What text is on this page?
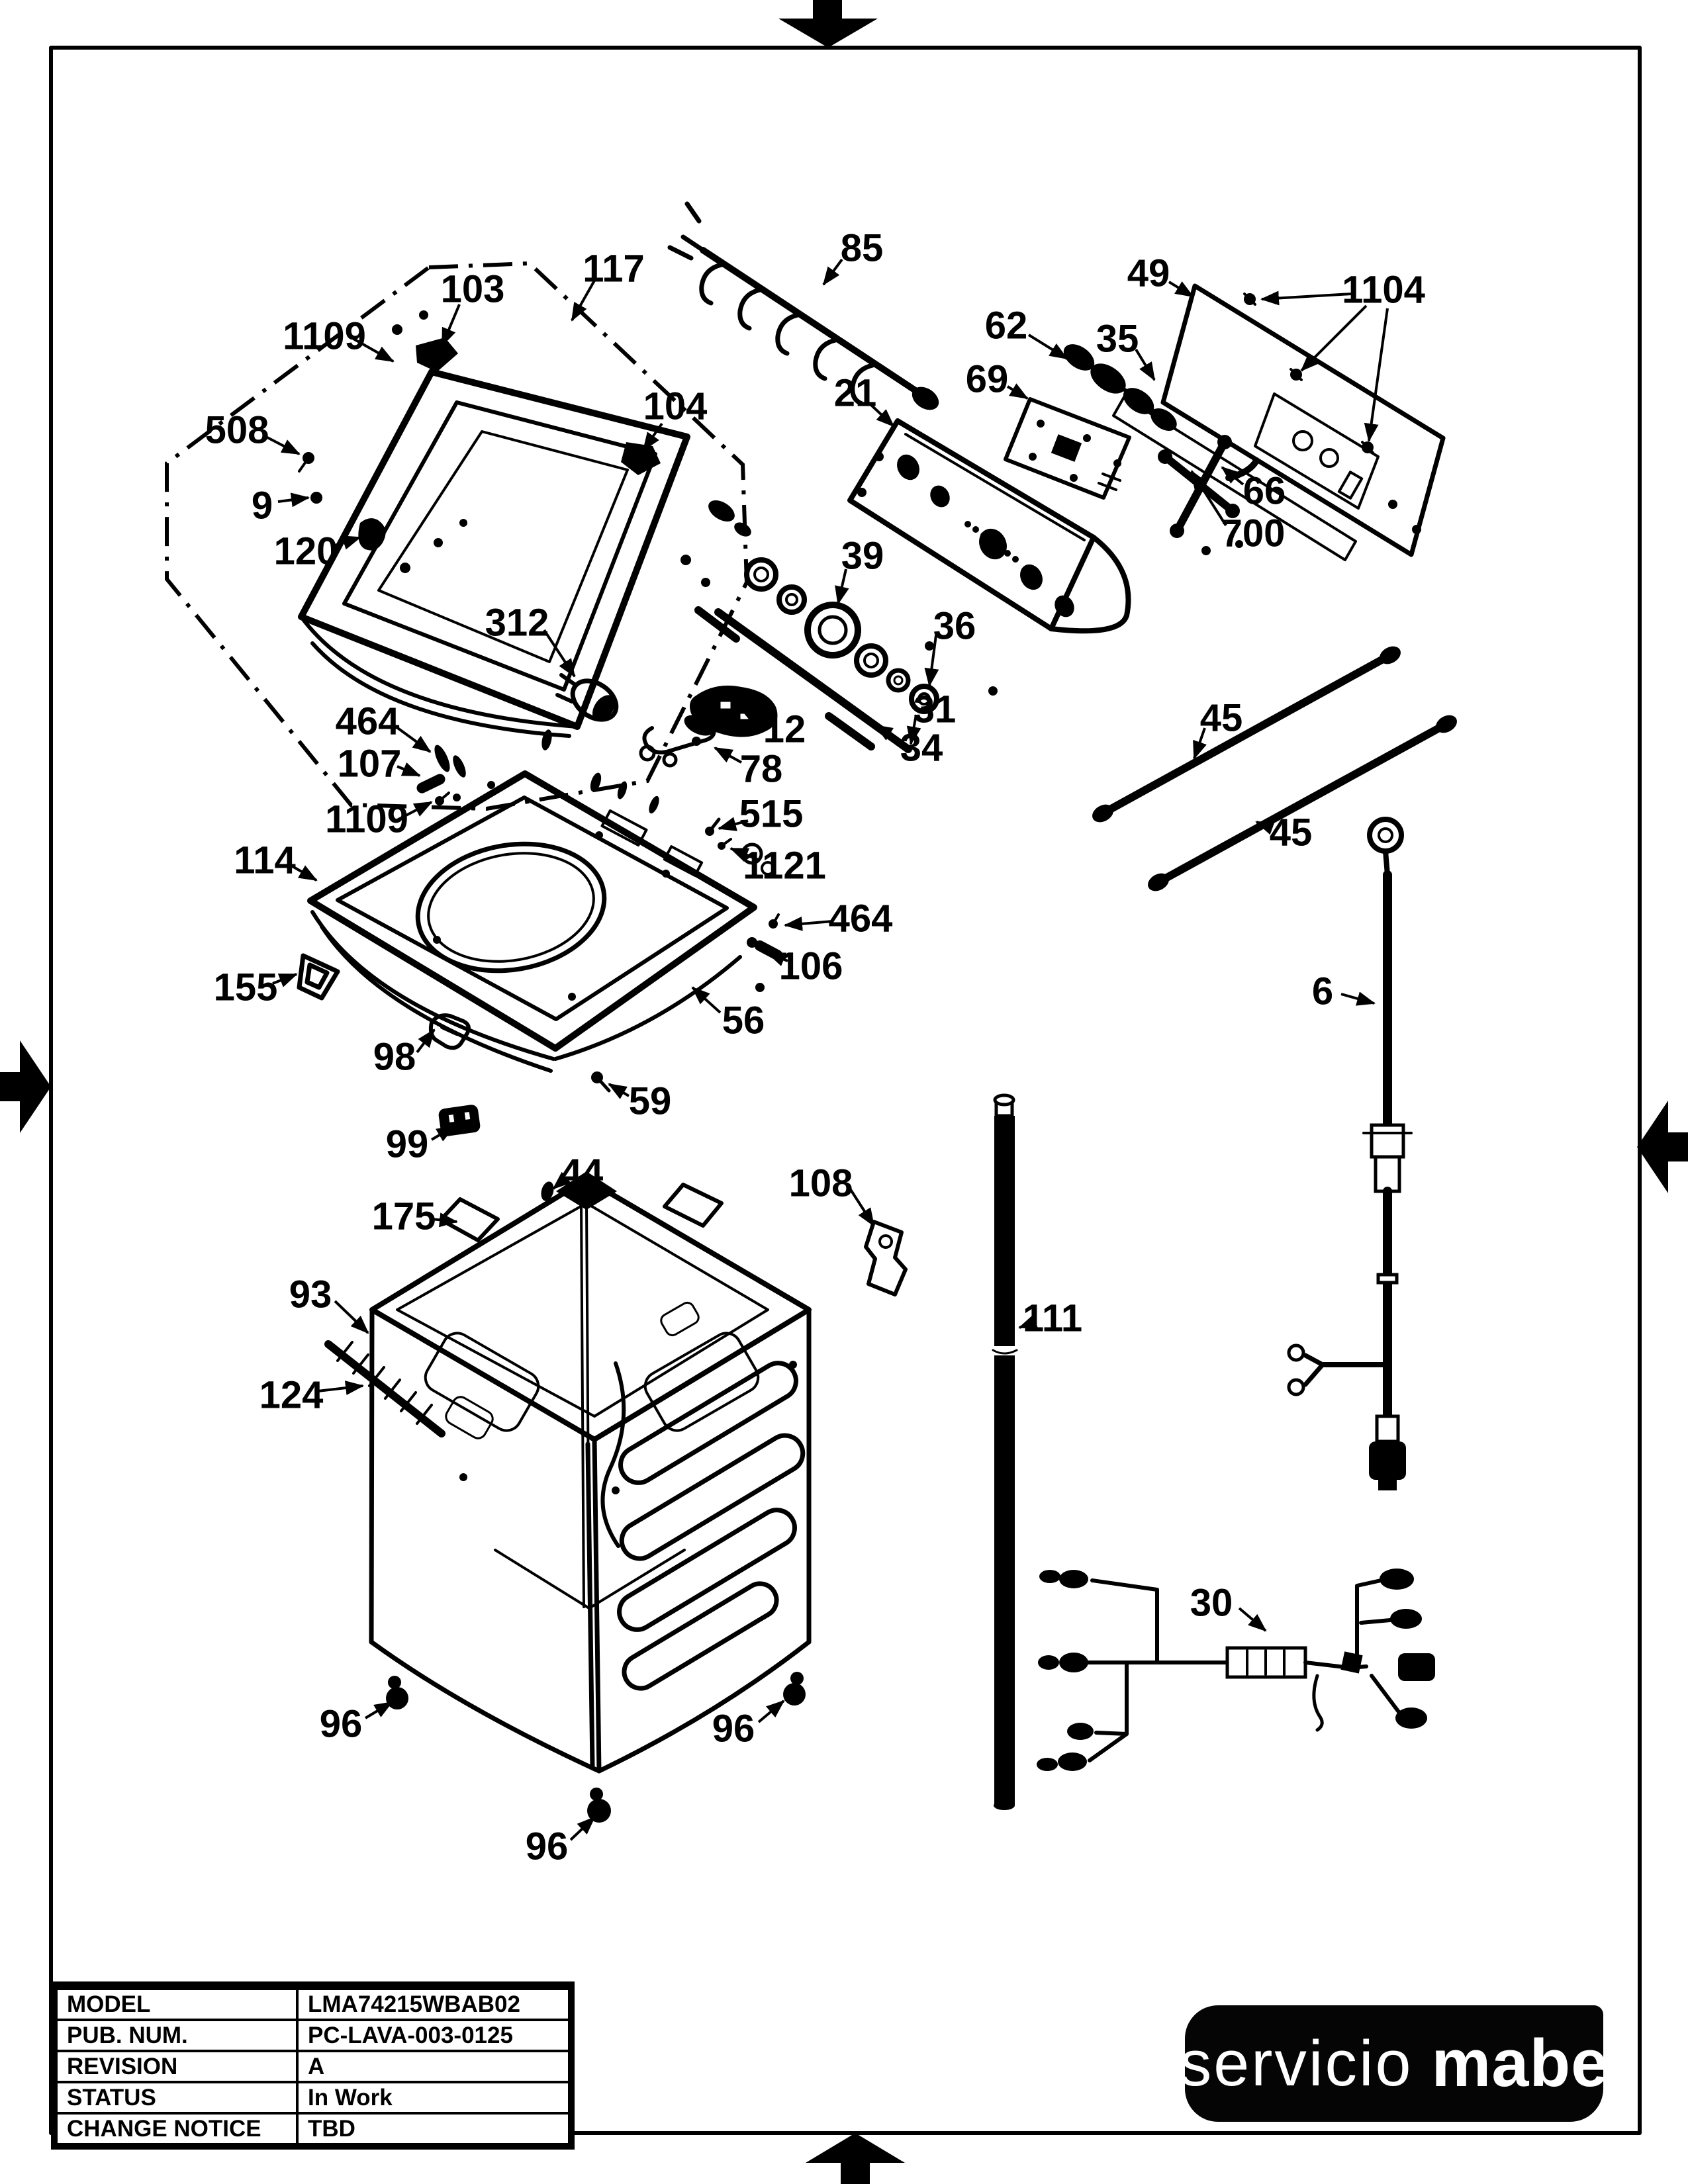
117
103
1109
508
9
120
104
85
62
21 69
49
35
1104
66
700
39
36
312
31
34
12
78
464
107
1109	515
1121
114
464
106
155
56
98
59
99
44
175
108
93
124
111
45
45
6
30
96	96
96
MODEL	LMA74215WBAB02
PUB. NUM.	PC-LAVA-003-0125
REVISION	A
STATUS	In Work
CHANGE NOTICE	TBD
servicio mabe
